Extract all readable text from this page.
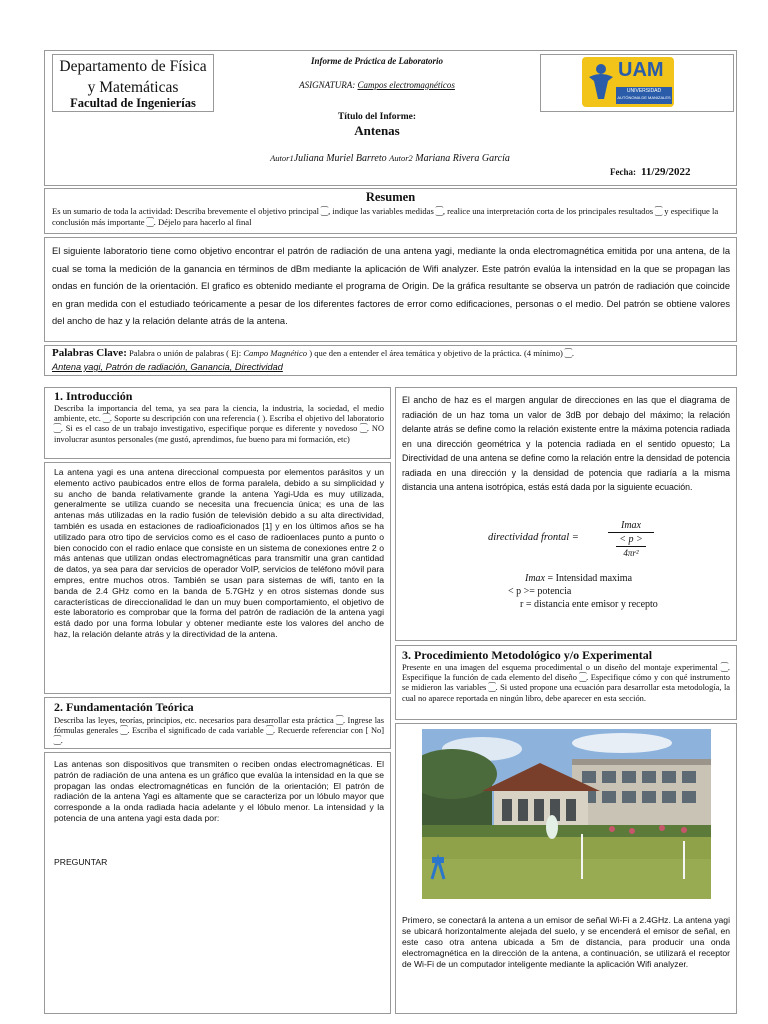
Departamento de Física
y Matemáticas
Facultad de Ingenierías
Informe de Práctica de Laboratorio
ASIGNATURA: Campos electromagnéticos
UAM
UNIVERSIDAD
AUTÓNOMA DE MANIZALES
Título del Informe:
Antenas
Autor1Juliana Muriel Barreto Autor2 Mariana Rivera García
Fecha: 11/29/2022
Resumen

Es un sumario de toda la actividad: Describa brevemente el objetivo principal ⁐, indique las variables medidas ⁐, realice una interpretación corta de los principales resultados ⁐ y especifique la conclusión más importante ⁐. Déjelo para hacerlo al final

El siguiente laboratorio tiene como objetivo encontrar el patrón de radiación de una antena yagi, mediante la onda electromagnética emitida por una antena, de la cual se toma la medición de la ganancia en términos de dBm mediante la aplicación de Wifi analyzer. Este patrón evalúa la intensidad en la que se propagan las ondas en función de la orientación. El grafico es obtenido mediante el programa de Origin. De la gráfica resultante se observa un patrón de radiación que coincide en gran medida con el estudiado teóricamente a pesar de los diferentes factores de error como edificaciones, personas o el medio. Del patrón se obtiene valores del ancho de haz y la relación delante atrás de la antena.

Palabras Clave: Palabra o unión de palabras ( Ej: Campo Magnético ) que den a entender el área temática y objetivo de la práctica. (4 mínimo) ⁐.
Antena yagi, Patrón de radiación, Ganancia, Directividad
1. Introducción

Describa la importancia del tema, ya sea para la ciencia, la industria, la sociedad, el medio ambiente, etc. ⁐. Soporte su descripción con una referencia ( ). Escriba el objetivo del laboratorio ⁐. Si es el caso de un trabajo investigativo, especifique porque es diferente y novedoso ⁐. NO involucrar asuntos personales (me gustó, aprendimos, fue bueno para mi formación, etc)

La antena yagi es una antena direccional compuesta por elementos parásitos y un elemento activo paubicados entre ellos de forma paralela, debido a su simplicidad y su ancho de banda relativamente grande la antena Yagi-Uda es muy utilizada, generalmente se utiliza cuando se necesita una frecuencia única; es una de las antenas más utilizadas en la radio fusión de televisión debido a su alta directividad, también es usada en estaciones de radioaficionados [1] y en los últimos años se ha utilizado para otro tipo de servicios como es el caso de radioenlaces punto a punto o bien conocido con el radio enlace que consiste en un sistema de conexiones entre 2 o más antenas que utilizan ondas electromagnéticas para transmitir una gran cantidad de datos, ya sea para dar servicios de operador VoIP, servicios de teléfono móvil para empres, entre muchos otros. También se usan para sistemas de wifi, tanto en la banda de 2.4 GHz como en la banda de 5.7GHz y en otros sistemas donde sus características de direccionalidad le dan un muy buen comportamiento, el objetivo de este laboratorio es comprobar que la forma del patrón de radiación de la antena yagi está dado por una forma lobular y obtener mediante este los valores del ancho de haz, la relación delante atrás y la directividad de la antena.

2. Fundamentación Teórica

Describa las leyes, teorías, principios, etc. necesarios para desarrollar esta práctica ⁐. Ingrese las fórmulas generales ⁐. Escriba el significado de cada variable ⁐. Recuerde referenciar con [ No] ⁐.

Las antenas son dispositivos que transmiten o reciben ondas electromagnéticas. El patrón de radiación de una antena es un gráfico que evalúa la intensidad en la que se propagan las ondas electromagnéticas en función de la orientación; El patrón de radiación de la antena Yagi es altamente que se caracteriza por un lóbulo mayor que corresponde a la onda radiada hacia adelante y el lóbulo menor. La intensidad y la potencia de una antena yagi esta dada por:

PREGUNTAR

El ancho de haz es el margen angular de direcciones en las que el diagrama de radiación de un haz toma un valor de 3dB por debajo del máximo; la relación delante atrás se define como la relación existente entre la máxima potencia radiada en una dirección geométrica y la potencia radiada en el sentido opuesto; La Directividad de una antena se define como la relación entre la densidad de potencia radiada en una dirección y la densidad de potencia que radiaría a la misma distancia una antena isotrópica, estás está dada por la siguiente ecuación.

directividad frontal =
Imax
< p >
4πr²
Imax = Intensidad maxima
< p >= potencia
r = distancia ente emisor y recepto
3. Procedimiento Metodológico y/o Experimental

Presente en una imagen del esquema procedimental o un diseño del montaje experimental ⁐. Especifique la función de cada elemento del diseño ⁐. Especifique cómo y con qué instrumento se midieron las variables ⁐. Si usted propone una ecuación para desarrollar esta metodología, la cual no aparece reportada en ningún libro, debe aparecer en esta sección.

Primero, se conectará la antena a un emisor de señal Wi-Fi a 2.4GHz. La antena yagi se ubicará horizontalmente alejada del suelo, y se encenderá el emisor de señal, en este caso otra antena ubicada a 5m de distancia, para producir una onda electromagnética en la dirección de la antena, a continuación, se utilizará el receptor de Wi-Fi de un computador inteligente mediante la aplicación Wifi analyzer.
